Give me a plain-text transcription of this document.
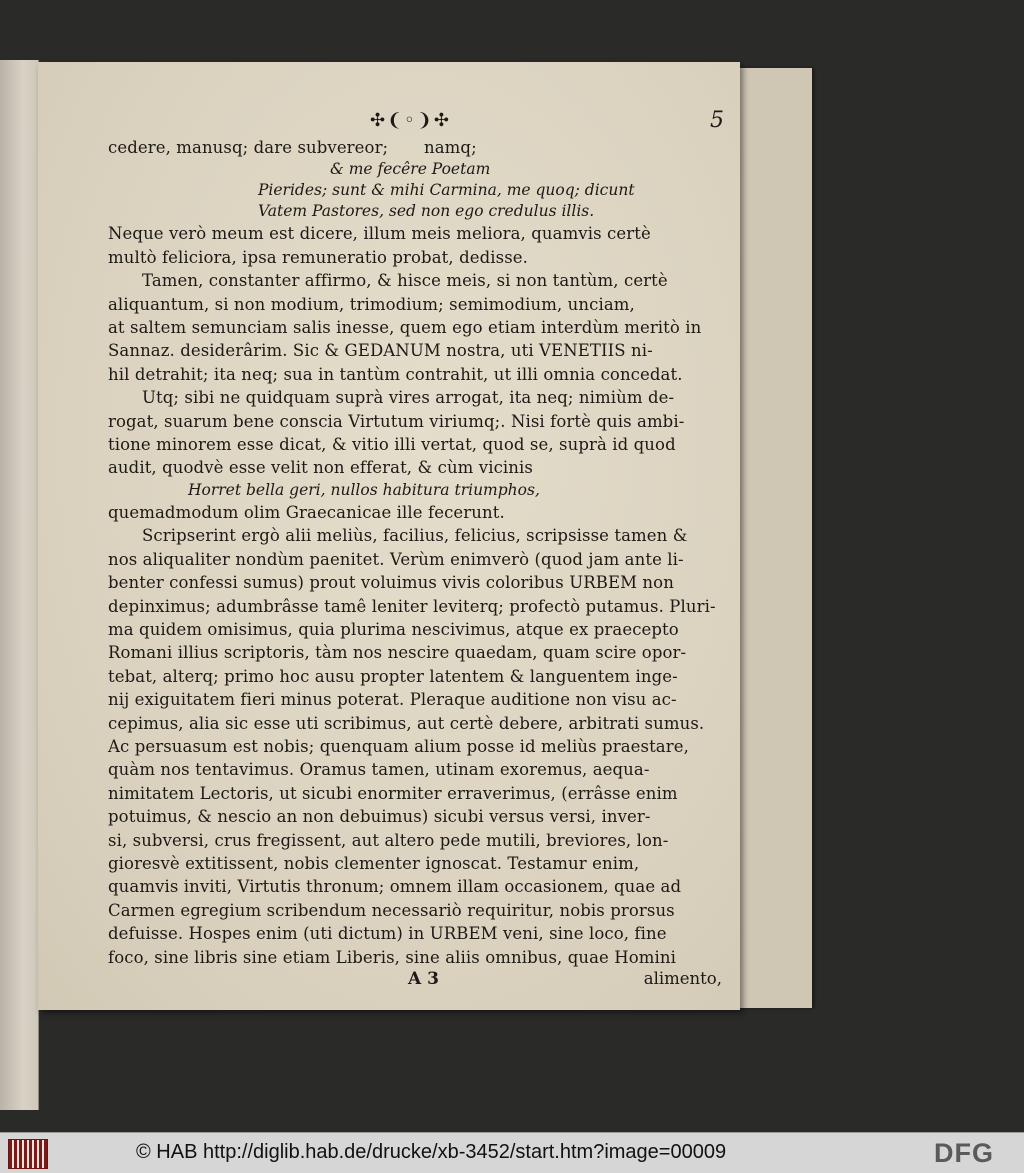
✣❨◦❩✣	5
cedere, manusq; dare subvereor; namq;
& me fecêre Poetam
Pierides; sunt & mihi Carmina, me quoq; dicunt
Vatem Pastores, sed non ego credulus illis.
Neque verò meum est dicere, illum meis meliora, quamvis certè
multò feliciora, ipsa remuneratio probat, dedisse.
Tamen, constanter affirmo, & hisce meis, si non tantùm, certè
aliquantum, si non modium, trimodium; semimodium, unciam,
at saltem semunciam salis inesse, quem ego etiam interdùm meritò in
Sannaz. desiderârim. Sic & GEDANUM nostra, uti VENETIIS ni-
hil detrahit; ita neq; sua in tantùm contrahit, ut illi omnia concedat.
Utq; sibi ne quidquam suprà vires arrogat, ita neq; nimiùm de-
rogat, suarum bene conscia Virtutum viriumq;. Nisi fortè quis ambi-
tione minorem esse dicat, & vitio illi vertat, quod se, suprà id quod
audit, quodvè esse velit non efferat, & cùm vicinis
Horret bella geri, nullos habitura triumphos,
quemadmodum olim Graecanicae ille fecerunt.
Scripserint ergò alii meliùs, facilius, felicius, scripsisse tamen &
nos aliqualiter nondùm paenitet. Verùm enimverò (quod jam ante li-
benter confessi sumus) prout voluimus vivis coloribus URBEM non
depinximus; adumbrâsse tamê leniter leviterq; profectò putamus. Pluri-
ma quidem omisimus, quia plurima nescivimus, atque ex praecepto
Romani illius scriptoris, tàm nos nescire quaedam, quam scire opor-
tebat, alterq; primo hoc ausu propter latentem & languentem inge-
nij exiguitatem fieri minus poterat. Pleraque auditione non visu ac-
cepimus, alia sic esse uti scribimus, aut certè debere, arbitrati sumus.
Ac persuasum est nobis; quenquam alium posse id meliùs praestare,
quàm nos tentavimus. Oramus tamen, utinam exoremus, aequa-
nimitatem Lectoris, ut sicubi enormiter erraverimus, (errâsse enim
potuimus, & nescio an non debuimus) sicubi versus versi, inver-
si, subversi, crus fregissent, aut altero pede mutili, breviores, lon-
gioresvè extitissent, nobis clementer ignoscat. Testamur enim,
quamvis inviti, Virtutis thronum; omnem illam occasionem, quae ad
Carmen egregium scribendum necessariò requiritur, nobis prorsus
defuisse. Hospes enim (uti dictum) in URBEM veni, sine loco, fine
foco, sine libris sine etiam Liberis, sine aliis omnibus, quae Homini
A 3	alimento,
© HAB http://diglib.hab.de/drucke/xb-3452/start.htm?image=00009	DFG
